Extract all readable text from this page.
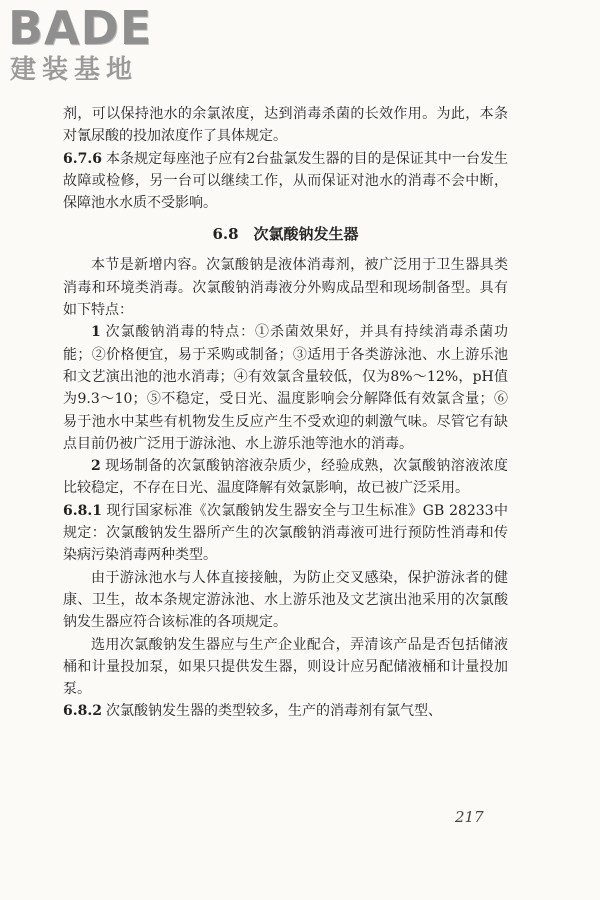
BADE
建装基地

剂，可以保持池水的余氯浓度，达到消毒杀菌的长效作用。为此，本条对氰尿酸的投加浓度作了具体规定。

6.7.6 本条规定每座池子应有2台盐氯发生器的目的是保证其中一台发生故障或检修，另一台可以继续工作，从而保证对池水的消毒不会中断，保障池水水质不受影响。

6.8　次氯酸钠发生器

本节是新增内容。次氯酸钠是液体消毒剂，被广泛用于卫生器具类消毒和环境类消毒。次氯酸钠消毒液分外购成品型和现场制备型。具有如下特点：

1 次氯酸钠消毒的特点：①杀菌效果好，并具有持续消毒杀菌功能；②价格便宜，易于采购或制备；③适用于各类游泳池、水上游乐池和文艺演出池的池水消毒；④有效氯含量较低，仅为8%～12%，pH值为9.3～10；⑤不稳定，受日光、温度影响会分解降低有效氯含量；⑥易于池水中某些有机物发生反应产生不受欢迎的刺激气味。尽管它有缺点目前仍被广泛用于游泳池、水上游乐池等池水的消毒。

2 现场制备的次氯酸钠溶液杂质少，经验成熟，次氯酸钠溶液浓度比较稳定，不存在日光、温度降解有效氯影响，故已被广泛采用。

6.8.1 现行国家标准《次氯酸钠发生器安全与卫生标准》GB 28233中规定：次氯酸钠发生器所产生的次氯酸钠消毒液可进行预防性消毒和传染病污染消毒两种类型。

由于游泳池水与人体直接接触，为防止交叉感染，保护游泳者的健康、卫生，故本条规定游泳池、水上游乐池及文艺演出池采用的次氯酸钠发生器应符合该标准的各项规定。

选用次氯酸钠发生器应与生产企业配合，弄清该产品是否包括储液桶和计量投加泵，如果只提供发生器，则设计应另配储液桶和计量投加泵。

6.8.2 次氯酸钠发生器的类型较多，生产的消毒剂有氯气型、

217
